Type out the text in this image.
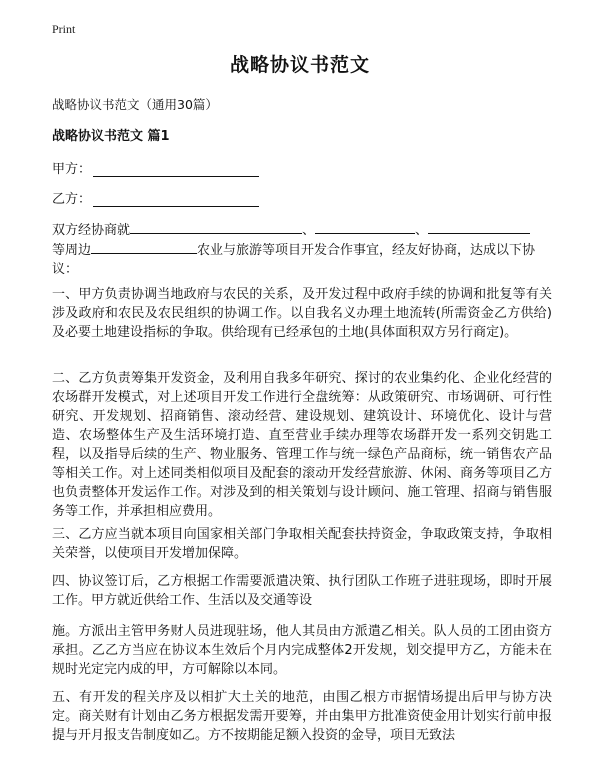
Print
战略协议书范文
战略协议书范文（通用30篇）
战略协议书范文 篇1
甲方：
乙方：
双方经协商就	、	、
等周边	农业与旅游等项目开发合作事宜，经友好协商，达成以下协议：

一、甲方负责协调当地政府与农民的关系，及开发过程中政府手续的协调和批复等有关涉及政府和农民及农民组织的协调工作。以自我名义办理土地流转(所需资金乙方供给)及必要土地建设指标的争取。供给现有已经承包的土地(具体面积双方另行商定)。

二、乙方负责筹集开发资金，及利用自我多年研究、探讨的农业集约化、企业化经营的农场群开发模式，对上述项目开发工作进行全盘统筹：从政策研究、市场调研、可行性研究、开发规划、招商销售、滚动经营、建设规划、建筑设计、环境优化、设计与营造、农场整体生产及生活环境打造、直至营业手续办理等农场群开发一系列交钥匙工程，以及指导后续的生产、物业服务、管理工作与统一绿色产品商标，统一销售农产品等相关工作。对上述同类相似项目及配套的滚动开发经营旅游、休闲、商务等项目乙方也负责整体开发运作工作。对涉及到的相关策划与设计顾问、施工管理、招商与销售服务等工作，并承担相应费用。

三、乙方应当就本项目向国家相关部门争取相关配套扶持资金，争取政策支持，争取相关荣誉，以使项目开发增加保障。

四、协议签订后，乙方根据工作需要派遣决策、执行团队工作班子进驻现场，即时开展工作。甲方就近供给工作、生活以及交通等设

施。方派出主管甲务财人员进现驻场，他人其员由方派遣乙相关。队人员的工团由资方承担。乙乙方当应在协议本生效后个月内完成整体2开发规，划交提甲方乙，方能未在规时光定完内成的甲，方可解除以本同。

五、有开发的程关序及以相扩大土关的地范，由围乙根方市据情场提出后甲与协方决定。商关财有计划由乙务方根据发需开要筹，并由集甲方批准资使金用计划实行前申报提与开月报支告制度如乙。方不按期能足额入投资的金导，项目无致法
